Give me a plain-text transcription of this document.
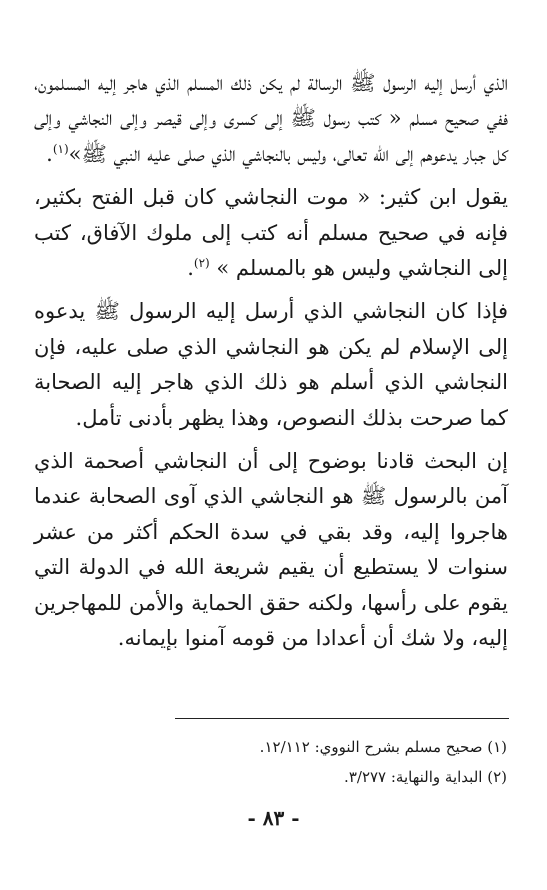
الذي أرسل إليه الرسول ﷺ الرسالة لم يكن ذلك المسلم الذي هاجر إليه المسلمون، ففي صحيح مسلم « كتب رسول ﷺ إلى كسرى وإلى قيصر وإلى النجاشي وإلى كل جبار يدعوهم إلى الله تعالى، وليس بالنجاشي الذي صلى عليه النبي ﷺ»$^{(١)}$.

يقول ابن كثير: « موت النجاشي كان قبل الفتح بكثير، فإنه في صحيح مسلم أنه كتب إلى ملوك الآفاق، كتب إلى النجاشي وليس هو بالمسلم » $^{(٢)}$.

فإذا كان النجاشي الذي أرسل إليه الرسول ﷺ يدعوه إلى الإسلام لم يكن هو النجاشي الذي صلى عليه، فإن النجاشي الذي أسلم هو ذلك الذي هاجر إليه الصحابة كما صرحت بذلك النصوص، وهذا يظهر بأدنى تأمل.

إن البحث قادنا بوضوح إلى أن النجاشي أصحمة الذي آمن بالرسول ﷺ هو النجاشي الذي آوى الصحابة عندما هاجروا إليه، وقد بقي في سدة الحكم أكثر من عشر سنوات لا يستطيع أن يقيم شريعة الله في الدولة التي يقوم على رأسها، ولكنه حقق الحماية والأمن للمهاجرين إليه، ولا شك أن أعدادا من قومه آمنوا بإيمانه.

(١) صحيح مسلم بشرح النووي: ١٢/١١٢.

(٢) البداية والنهاية: ٣/٢٧٧.

- ٨٣ -
